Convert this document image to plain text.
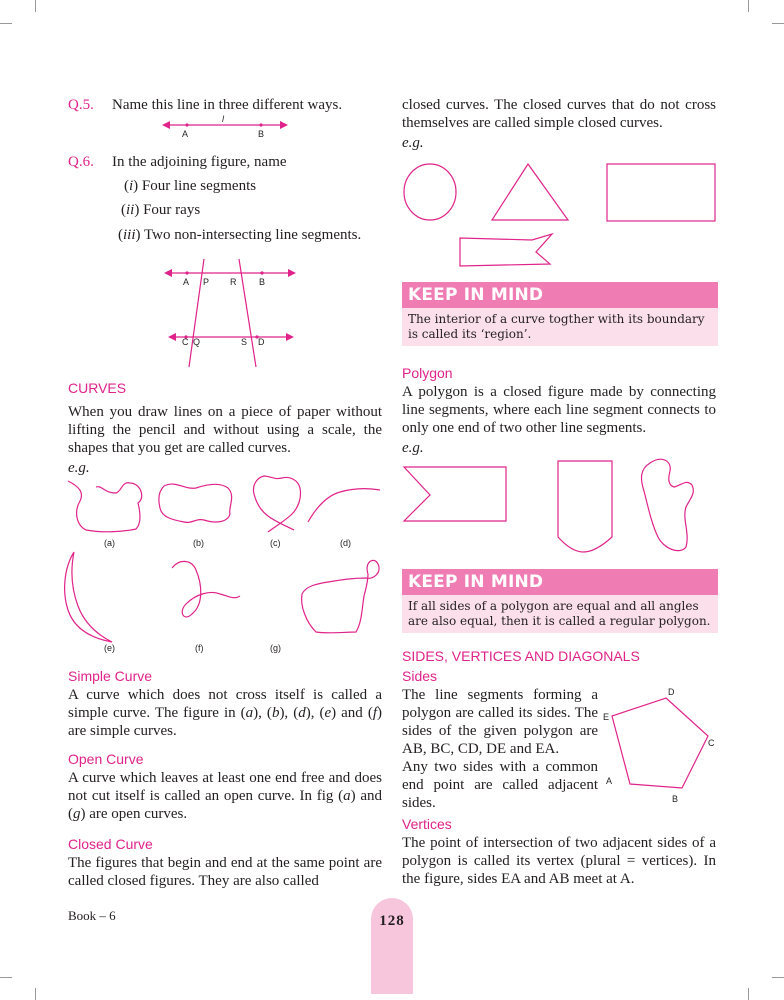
Q.5. Name this line in three different ways.
l
A	B
Q.6. In the adjoining figure, name
(i) Four line segments
(ii) Four rays
(iii) Two non-intersecting line segments.
A P R	B
C Q	S D
CURVES
When you draw lines on a piece of paper without lifting the pencil and without using a scale, the shapes that you get are called curves.
e.g.
(a)	(b)	(c)	(d)
(e)	(f)	(g)
Simple Curve
A curve which does not cross itself is called a simple curve. The figure in (a), (b), (d), (e) and (f) are simple curves.
Open Curve
A curve which leaves at least one end free and does not cut itself is called an open curve. In fig (a) and (g) are open curves.
Closed Curve
The figures that begin and end at the same point are called closed figures. They are also called
Book – 6	128
closed curves. The closed curves that do not cross themselves are called simple closed curves.
e.g.
KEEP IN MIND
The interior of a curve togther with its boundary is called its ‘region’.
Polygon
A polygon is a closed figure made by connecting line segments, where each line segment connects to only one end of two other line segments.
e.g.
KEEP IN MIND
If all sides of a polygon are equal and all angles are also equal, then it is called a regular polygon.
SIDES, VERTICES AND DIAGONALS
Sides
The line segments forming a polygon are called its sides. The sides of the given polygon are AB, BC, CD, DE and EA.
Any two sides with a common end point are called adjacent sides.
D
E
C
A
B
Vertices
The point of intersection of two adjacent sides of a polygon is called its vertex (plural = vertices). In the figure, sides EA and AB meet at A.
